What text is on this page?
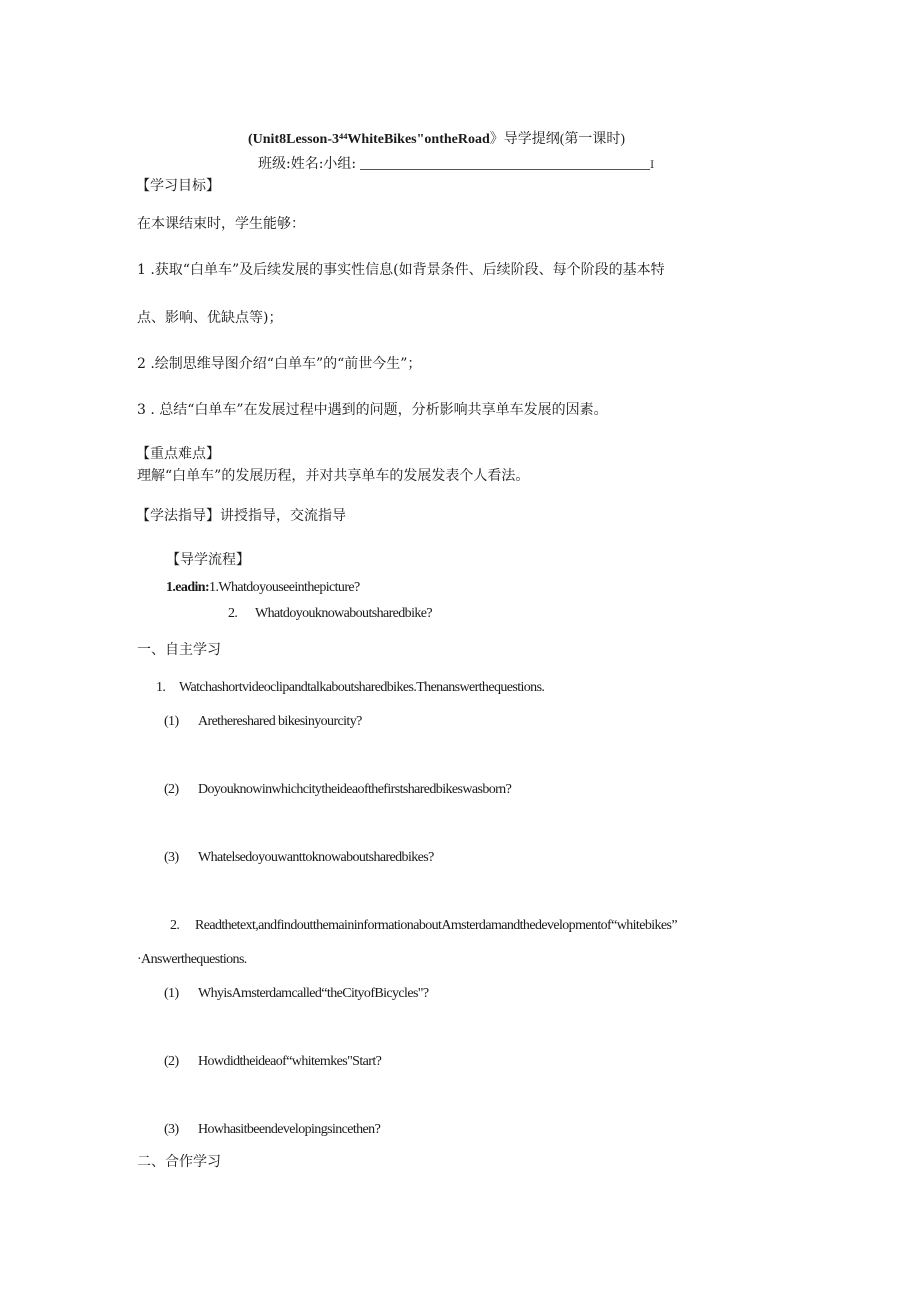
(Unit8Lesson-3⁴⁴WhiteBikes"ontheRoad》导学提纲(第一课时)
班级:姓名:小组:	I
【学习目标】
在本课结束时，学生能够：
1 .获取“白单车”及后续发展的事实性信息(如背景条件、后续阶段、每个阶段的基本特
点、影响、优缺点等)；
2 .绘制思维导图介绍“白单车”的“前世今生”；
3 . 总结“白单车”在发展过程中遇到的问题，分析影响共享单车发展的因素。
【重点难点】
理解“白单车”的发展历程，并对共享单车的发展发表个人看法。
【学法指导】讲授指导，交流指导
【导学流程】
1.eadin:1.Whatdoyouseeinthepicture?
2. Whatdoyouknowaboutsharedbike?
一、自主学习
1. Watchashortvideoclipandtalkaboutsharedbikes.Thenanswerthequestions.
(1) Arethereshared bikesinyourcity?
(2) Doyouknowinwhichcitytheideaofthefirstsharedbikeswasborn?
(3) Whatelsedoyouwanttoknowaboutsharedbikes?
2. Readthetext,andfindoutthemaininformationaboutAmsterdamandthedevelopmentof“whitebikes”
·Answerthequestions.
(1) WhyisAmsterdamcalled“theCityofBicycles"?
(2) Howdidtheideaof“whitemkes"Start?
(3) Howhasitbeendevelopingsincethen?
二、合作学习
